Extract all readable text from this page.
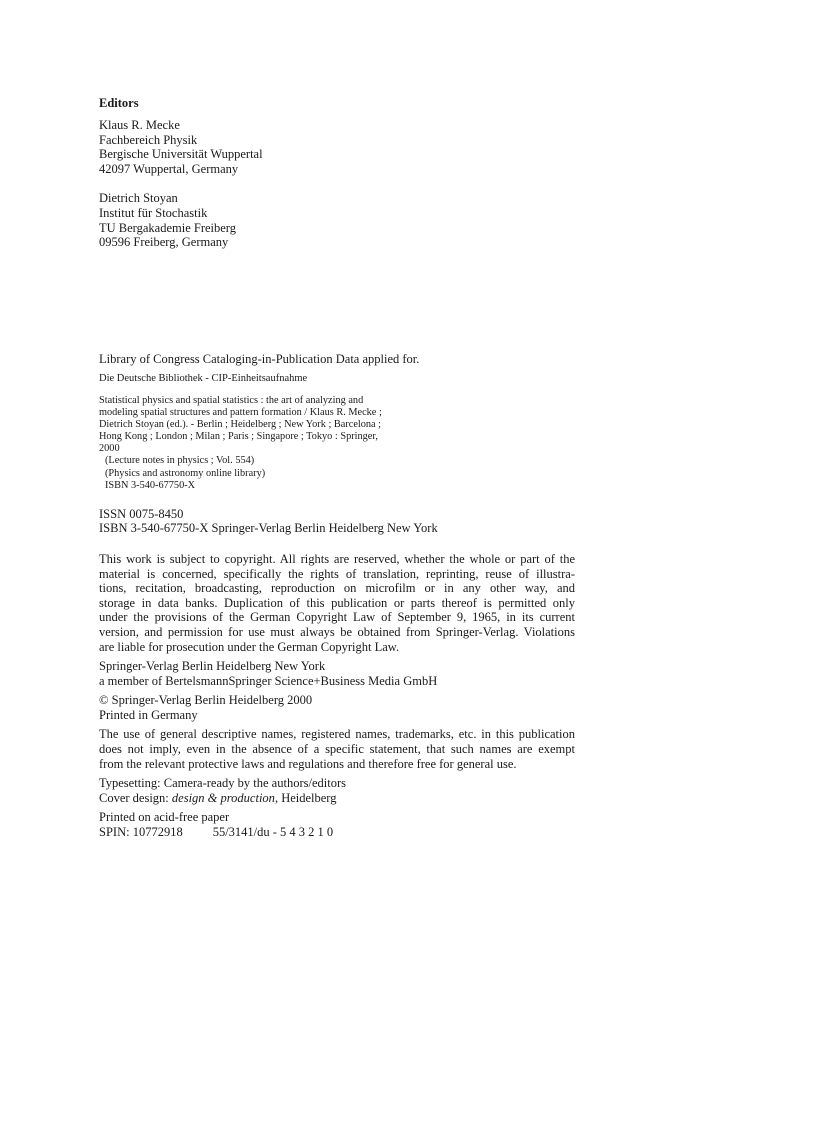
Editors
Klaus R. Mecke
Fachbereich Physik
Bergische Universität Wuppertal
42097 Wuppertal, Germany
Dietrich Stoyan
Institut für Stochastik
TU Bergakademie Freiberg
09596 Freiberg, Germany
Library of Congress Cataloging-in-Publication Data applied for.
Die Deutsche Bibliothek - CIP-Einheitsaufnahme
Statistical physics and spatial statistics : the art of analyzing and
modeling spatial structures and pattern formation / Klaus R. Mecke ;
Dietrich Stoyan (ed.). - Berlin ; Heidelberg ; New York ; Barcelona ;
Hong Kong ; London ; Milan ; Paris ; Singapore ; Tokyo : Springer,
2000
(Lecture notes in physics ; Vol. 554)
(Physics and astronomy online library)
ISBN 3-540-67750-X
ISSN 0075-8450
ISBN 3-540-67750-X Springer-Verlag Berlin Heidelberg New York
This work is subject to copyright. All rights are reserved, whether the whole or part of the
material is concerned, specifically the rights of translation, reprinting, reuse of illustra-
tions, recitation, broadcasting, reproduction on microfilm or in any other way, and
storage in data banks. Duplication of this publication or parts thereof is permitted only
under the provisions of the German Copyright Law of September 9, 1965, in its current
version, and permission for use must always be obtained from Springer-Verlag. Violations
are liable for prosecution under the German Copyright Law.
Springer-Verlag Berlin Heidelberg New York
a member of BertelsmannSpringer Science+Business Media GmbH
© Springer-Verlag Berlin Heidelberg 2000
Printed in Germany
The use of general descriptive names, registered names, trademarks, etc. in this publication
does not imply, even in the absence of a specific statement, that such names are exempt
from the relevant protective laws and regulations and therefore free for general use.
Typesetting: Camera-ready by the authors/editors
Cover design: design & production, Heidelberg
Printed on acid-free paper
SPIN: 10772918 55/3141/du - 5 4 3 2 1 0
